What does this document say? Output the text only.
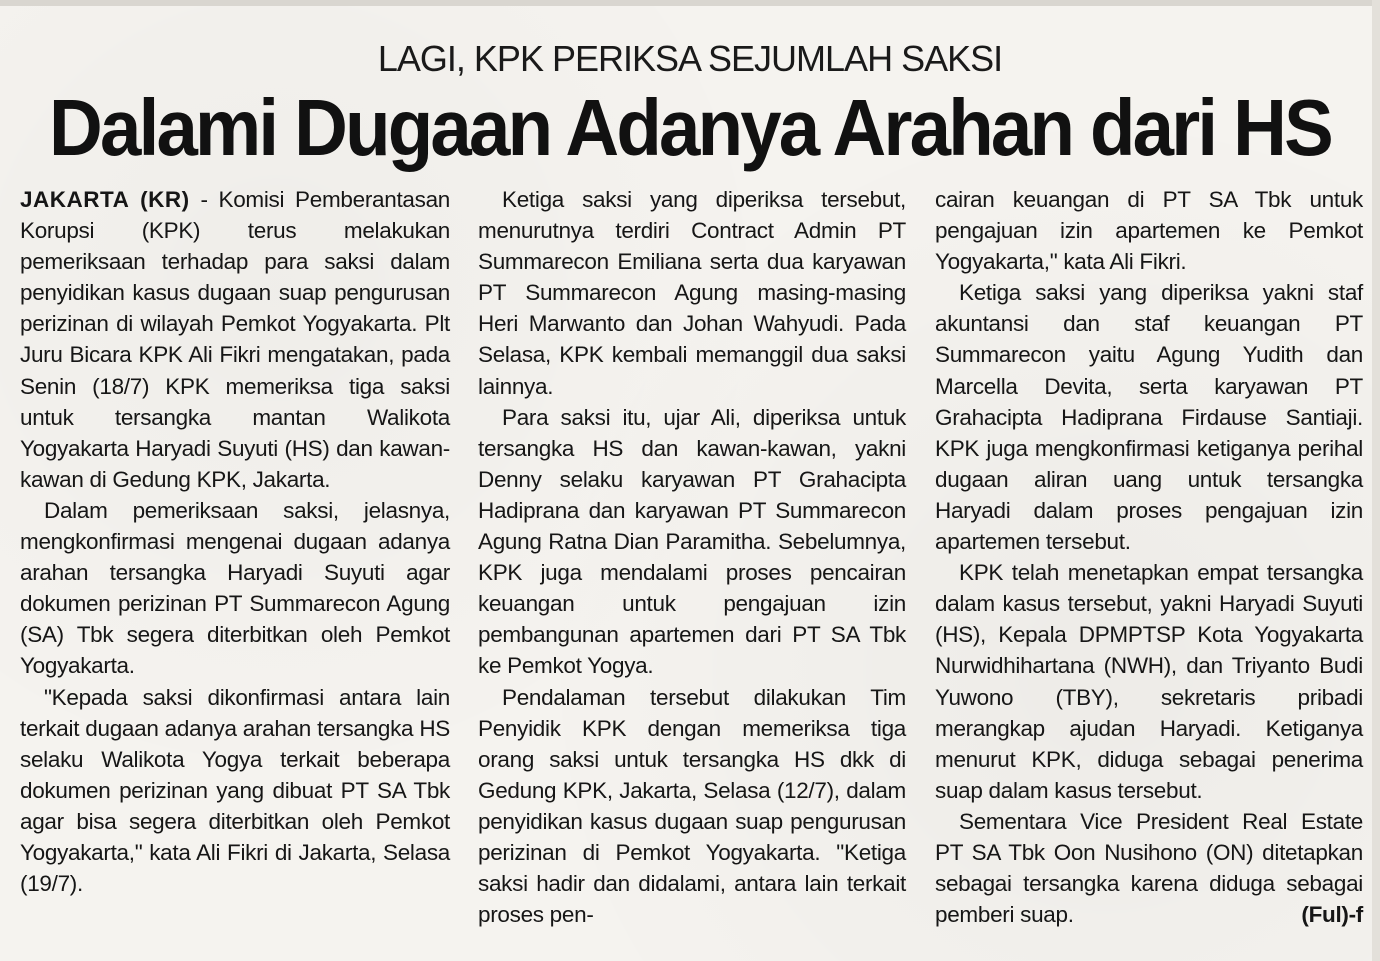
LAGI, KPK PERIKSA SEJUMLAH SAKSI
Dalami Dugaan Adanya Arahan dari HS

JAKARTA (KR) - Komisi Pemberantasan Korupsi (KPK) terus melakukan pemeriksaan terhadap para saksi dalam penyidikan kasus dugaan suap pengurusan perizinan di wilayah Pemkot Yogyakarta. Plt Juru Bicara KPK Ali Fikri mengatakan, pada Senin (18/7) KPK memeriksa tiga saksi untuk tersangka mantan Walikota Yogyakarta Haryadi Suyuti (HS) dan kawan-kawan di Gedung KPK, Jakarta.

Dalam pemeriksaan saksi, jelasnya, mengkonfirmasi mengenai dugaan adanya arahan tersangka Haryadi Suyuti agar dokumen perizinan PT Summarecon Agung (SA) Tbk segera diterbitkan oleh Pemkot Yogyakarta.

"Kepada saksi dikonfirmasi antara lain terkait dugaan adanya arahan tersangka HS selaku Walikota Yogya terkait beberapa dokumen perizinan yang dibuat PT SA Tbk agar bisa segera diterbitkan oleh Pemkot Yogyakarta," kata Ali Fikri di Jakarta, Selasa (19/7).

Ketiga saksi yang diperiksa tersebut, menurutnya terdiri Contract Admin PT Summarecon Emiliana serta dua karyawan PT Summarecon Agung masing-masing Heri Marwanto dan Johan Wahyudi. Pada Selasa, KPK kembali memanggil dua saksi lainnya.

Para saksi itu, ujar Ali, diperiksa untuk tersangka HS dan kawan-kawan, yakni Denny selaku karyawan PT Grahacipta Hadiprana dan karyawan PT Summarecon Agung Ratna Dian Paramitha. Sebelumnya, KPK juga mendalami proses pencairan keuangan untuk pengajuan izin pembangunan apartemen dari PT SA Tbk ke Pemkot Yogya.

Pendalaman tersebut dilakukan Tim Penyidik KPK dengan memeriksa tiga orang saksi untuk tersangka HS dkk di Gedung KPK, Jakarta, Selasa (12/7), dalam penyidikan kasus dugaan suap pengurusan perizinan di Pemkot Yogyakarta. "Ketiga saksi hadir dan didalami, antara lain terkait proses pen-

cairan keuangan di PT SA Tbk untuk pengajuan izin apartemen ke Pemkot Yogyakarta," kata Ali Fikri.

Ketiga saksi yang diperiksa yakni staf akuntansi dan staf keuangan PT Summarecon yaitu Agung Yudith dan Marcella Devita, serta karyawan PT Grahacipta Hadiprana Firdause Santiaji. KPK juga mengkonfirmasi ketiganya perihal dugaan aliran uang untuk tersangka Haryadi dalam proses pengajuan izin apartemen tersebut.

KPK telah menetapkan empat tersangka dalam kasus tersebut, yakni Haryadi Suyuti (HS), Kepala DPMPTSP Kota Yogyakarta Nurwidhihartana (NWH), dan Triyanto Budi Yuwono (TBY), sekretaris pribadi merangkap ajudan Haryadi. Ketiganya menurut KPK, diduga sebagai penerima suap dalam kasus tersebut.

Sementara Vice President Real Estate PT SA Tbk Oon Nusihono (ON) ditetapkan sebagai tersangka karena diduga sebagai pemberi suap.	(Ful)-f
